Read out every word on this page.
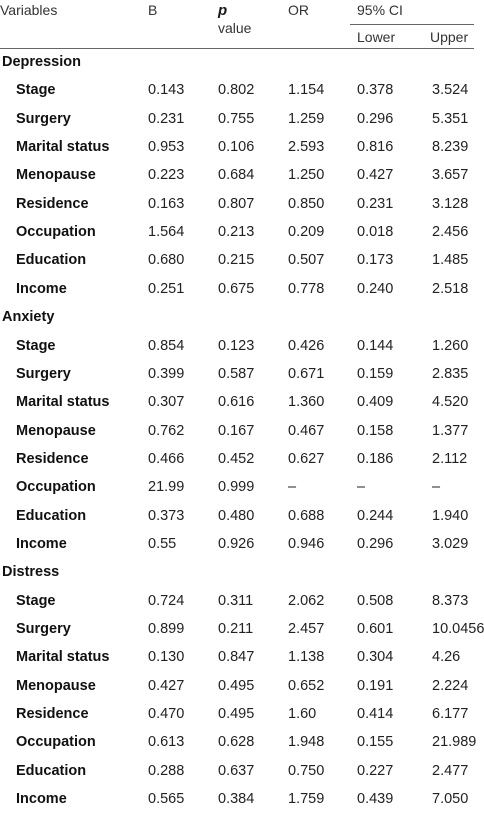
Variables	B	p
value
OR	95% CI
Lower Upper
Depression
Stage	0.143 0.802 1.154 0.378	3.524
Surgery	0.231 0.755 1.259 0.296	5.351
Marital status	0.953 0.106 2.593 0.816	8.239
Menopause	0.223 0.684 1.250 0.427	3.657
Residence	0.163 0.807 0.850 0.231	3.128
Occupation	1.564 0.213 0.209 0.018	2.456
Education	0.680 0.215 0.507 0.173	1.485
Income	0.251 0.675 0.778 0.240	2.518
Anxiety
Stage	0.854 0.123 0.426 0.144	1.260
Surgery	0.399 0.587 0.671 0.159	2.835
Marital status	0.307 0.616 1.360 0.409	4.520
Menopause	0.762 0.167 0.467 0.158	1.377
Residence	0.466 0.452 0.627 0.186	2.112
Occupation	21.99 0.999 –	–	–
Education	0.373 0.480 0.688 0.244	1.940
Income	0.55	0.926 0.946 0.296	3.029
Distress
Stage	0.724 0.311 2.062 0.508	8.373
Surgery	0.899 0.211 2.457 0.601	10.0456
Marital status	0.130 0.847 1.138 0.304	4.26
Menopause	0.427 0.495 0.652 0.191	2.224
Residence	0.470 0.495 1.60	0.414	6.177
Occupation	0.613 0.628 1.948 0.155	21.989
Education	0.288 0.637 0.750 0.227	2.477
Income	0.565 0.384 1.759 0.439	7.050
